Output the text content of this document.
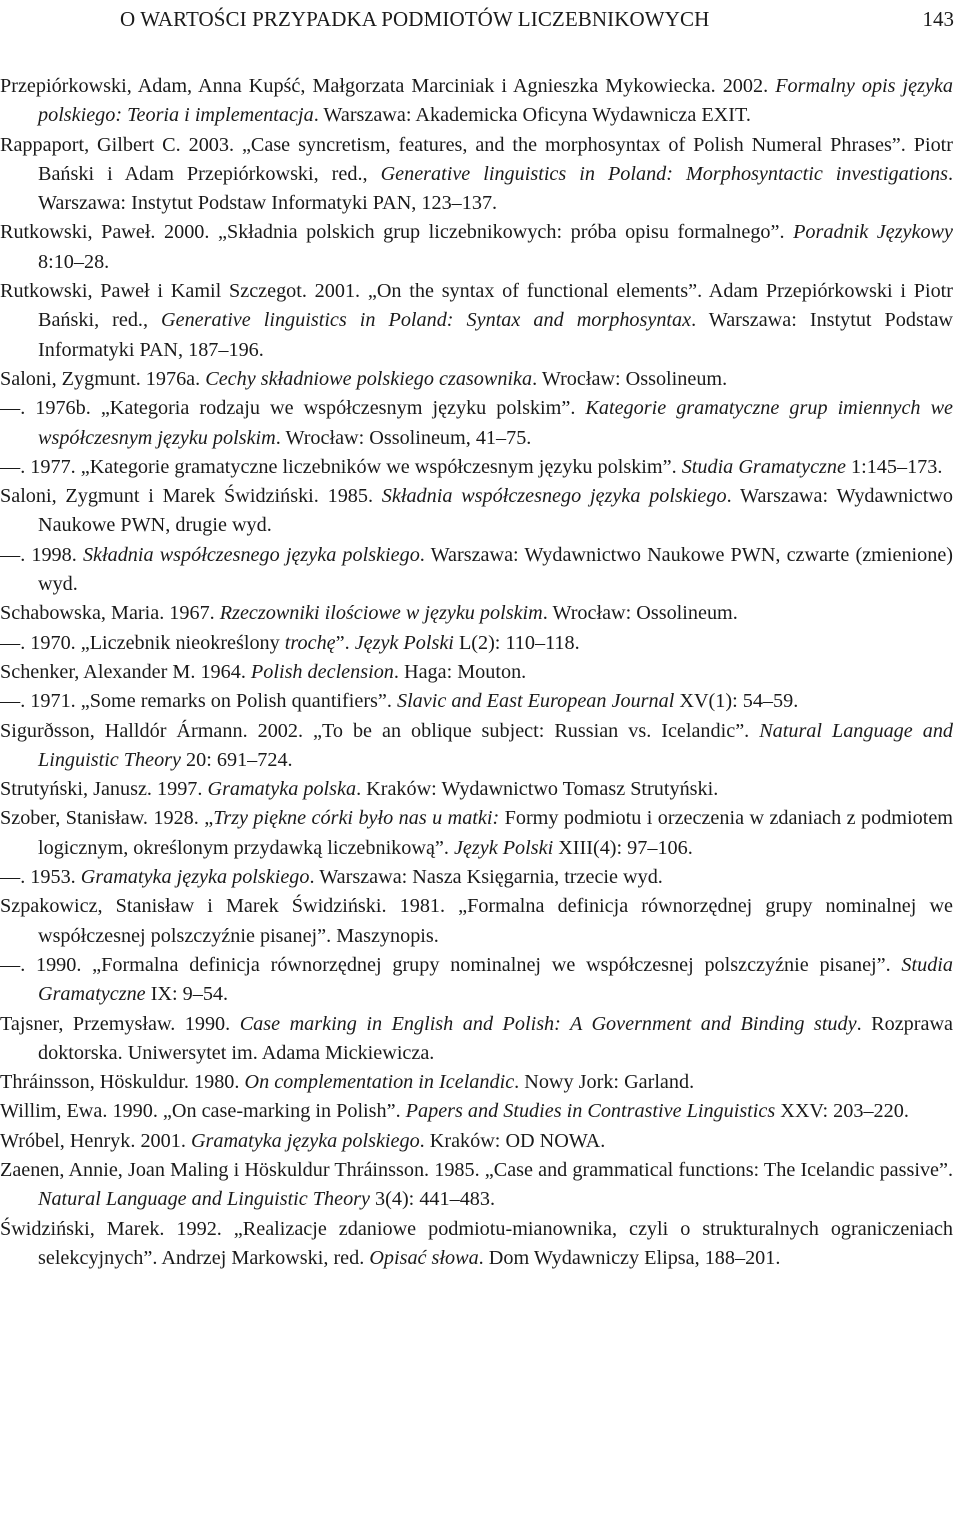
O WARTOŚCI PRZYPADKA PODMIOTÓW LICZEBNIKOWYCH	143

Przepiórkowski, Adam, Anna Kupść, Małgorzata Marciniak i Agnieszka Mykowiecka. 2002. Formalny opis języka polskiego: Teoria i implementacja. Warszawa: Akademicka Oficyna Wydawnicza EXIT.

Rappaport, Gilbert C. 2003. „Case syncretism, features, and the morphosyntax of Polish Numeral Phrases”. Piotr Bański i Adam Przepiórkowski, red., Generative linguistics in Poland: Morphosyntactic investigations. Warszawa: Instytut Podstaw Informatyki PAN, 123–137.

Rutkowski, Paweł. 2000. „Składnia polskich grup liczebnikowych: próba opisu formalnego”. Poradnik Językowy 8:10–28.

Rutkowski, Paweł i Kamil Szczegot. 2001. „On the syntax of functional elements”. Adam Przepiórkowski i Piotr Bański, red., Generative linguistics in Poland: Syntax and morphosyntax. Warszawa: Instytut Podstaw Informatyki PAN, 187–196.

Saloni, Zygmunt. 1976a. Cechy składniowe polskiego czasownika. Wrocław: Ossolineum.

—. 1976b. „Kategoria rodzaju we współczesnym języku polskim”. Kategorie gramatyczne grup imiennych we współczesnym języku polskim. Wrocław: Ossolineum, 41–75.

—. 1977. „Kategorie gramatyczne liczebników we współczesnym języku polskim”. Studia Gramatyczne 1:145–173.

Saloni, Zygmunt i Marek Świdziński. 1985. Składnia współczesnego języka polskiego. Warszawa: Wydawnictwo Naukowe PWN, drugie wyd.

—. 1998. Składnia współczesnego języka polskiego. Warszawa: Wydawnictwo Naukowe PWN, czwarte (zmienione) wyd.

Schabowska, Maria. 1967. Rzeczowniki ilościowe w języku polskim. Wrocław: Ossolineum.

—. 1970. „Liczebnik nieokreślony trochę”. Język Polski L(2): 110–118.

Schenker, Alexander M. 1964. Polish declension. Haga: Mouton.

—. 1971. „Some remarks on Polish quantifiers”. Slavic and East European Journal XV(1): 54–59.

Sigurðsson, Halldór Ármann. 2002. „To be an oblique subject: Russian vs. Icelandic”. Natural Language and Linguistic Theory 20: 691–724.

Strutyński, Janusz. 1997. Gramatyka polska. Kraków: Wydawnictwo Tomasz Strutyński.

Szober, Stanisław. 1928. „Trzy piękne córki było nas u matki: Formy podmiotu i orzeczenia w zdaniach z podmiotem logicznym, określonym przydawką liczebnikową”. Język Polski XIII(4): 97–106.

—. 1953. Gramatyka języka polskiego. Warszawa: Nasza Księgarnia, trzecie wyd.

Szpakowicz, Stanisław i Marek Świdziński. 1981. „Formalna definicja równorzędnej grupy nominalnej we współczesnej polszczyźnie pisanej”. Maszynopis.

—. 1990. „Formalna definicja równorzędnej grupy nominalnej we współczesnej polszczyźnie pisanej”. Studia Gramatyczne IX: 9–54.

Tajsner, Przemysław. 1990. Case marking in English and Polish: A Government and Binding study. Rozprawa doktorska. Uniwersytet im. Adama Mickiewicza.

Thráinsson, Höskuldur. 1980. On complementation in Icelandic. Nowy Jork: Garland.

Willim, Ewa. 1990. „On case-marking in Polish”. Papers and Studies in Contrastive Linguistics XXV: 203–220.

Wróbel, Henryk. 2001. Gramatyka języka polskiego. Kraków: OD NOWA.

Zaenen, Annie, Joan Maling i Höskuldur Thráinsson. 1985. „Case and grammatical functions: The Icelandic passive”. Natural Language and Linguistic Theory 3(4): 441–483.

Świdziński, Marek. 1992. „Realizacje zdaniowe podmiotu-mianownika, czyli o strukturalnych ograniczeniach selekcyjnych”. Andrzej Markowski, red. Opisać słowa. Dom Wydawniczy Elipsa, 188–201.
